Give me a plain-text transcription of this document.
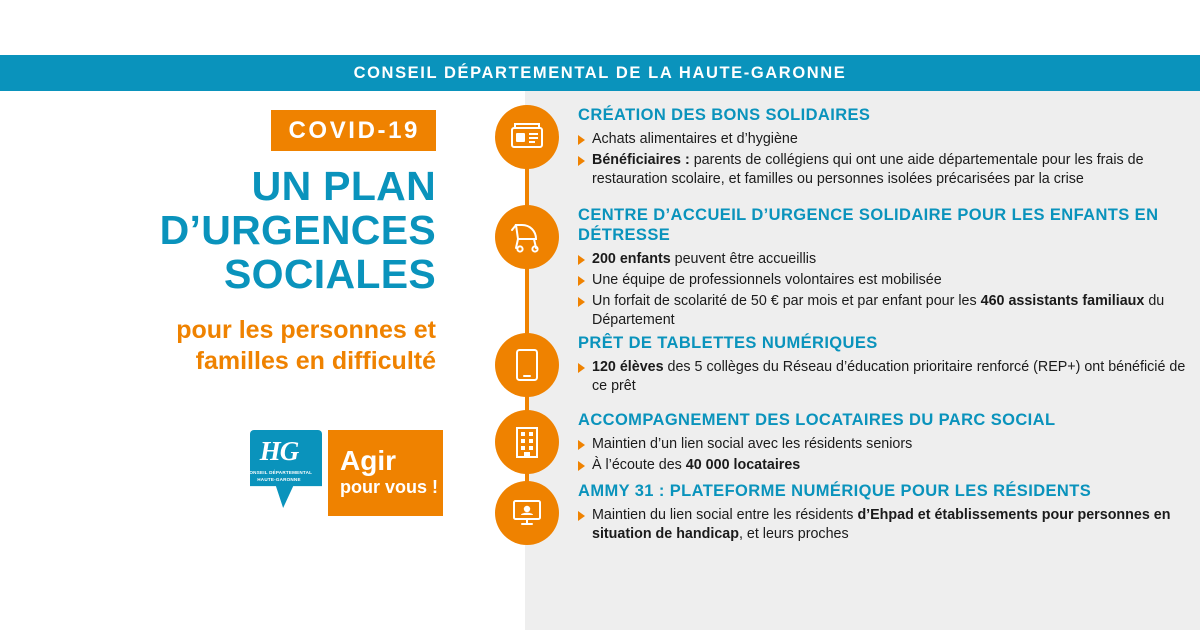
CONSEIL DÉPARTEMENTAL DE LA HAUTE-GARONNE
COVID-19
UN PLAN
D’URGENCES
SOCIALES
pour les personnes et
familles en difficulté
HG
CONSEIL DÉPARTEMENTAL
HAUTE-GARONNE
Agir
pour vous !
CRÉATION DES BONS SOLIDAIRES
Achats alimentaires et d’hygiène
Bénéficiaires : parents de collégiens qui ont une aide départementale pour les frais de restauration scolaire, et familles ou personnes isolées précarisées par la crise
CENTRE D’ACCUEIL D’URGENCE SOLIDAIRE POUR LES ENFANTS EN DÉTRESSE
200 enfants peuvent être accueillis
Une équipe de professionnels volontaires est mobilisée
Un forfait de scolarité de 50 € par mois et par enfant pour les 460 assistants familiaux du Département
PRÊT DE TABLETTES NUMÉRIQUES
120 élèves des 5 collèges du Réseau d’éducation prioritaire renforcé (REP+) ont bénéficié de ce prêt
ACCOMPAGNEMENT DES LOCATAIRES DU PARC SOCIAL
Maintien d’un lien social avec les résidents seniors
À l’écoute des 40 000 locataires
AMMY 31 : PLATEFORME NUMÉRIQUE POUR LES RÉSIDENTS
Maintien du lien social entre les résidents d’Ehpad et établissements pour personnes en situation de handicap, et leurs proches
